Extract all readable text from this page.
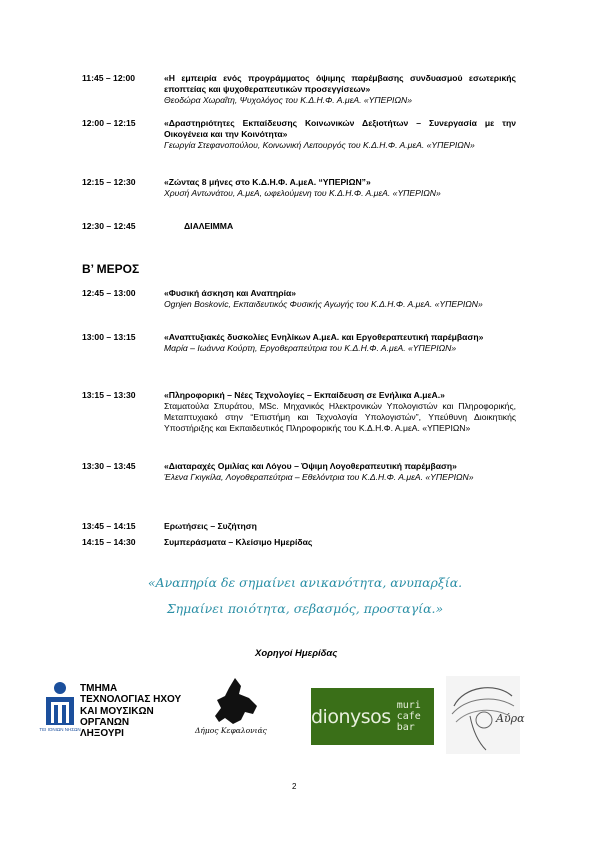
11:45 – 12:00	«Η εμπειρία ενός προγράμματος όψιμης παρέμβασης συνδυασμού εσωτερικής εποπτείας και ψυχοθεραπευτικών προσεγγίσεων»
Θεοδώρα Χωραΐτη, Ψυχολόγος του Κ.Δ.Η.Φ. Α.μεΑ. «ΥΠΕΡΙΩΝ»
12:00 – 12:15	«Δραστηριότητες Εκπαίδευσης Κοινωνικών Δεξιοτήτων – Συνεργασία με την Οικογένεια και την Κοινότητα»
Γεωργία Στεφανοπούλου, Κοινωνική Λειτουργός του Κ.Δ.Η.Φ. Α.μεΑ. «ΥΠΕΡΙΩΝ»
12:15 – 12:30	«Ζώντας 8 μήνες στο Κ.Δ.Η.Φ. Α.μεΑ. “ΥΠΕΡΙΩΝ”»
Χρυσή Αντωνάτου, Α.μεΑ, ωφελούμενη του Κ.Δ.Η.Φ. Α.μεΑ. «ΥΠΕΡΙΩΝ»
12:30 – 12:45	ΔΙΑΛΕΙΜΜΑ
Β’ ΜΕΡΟΣ
12:45 – 13:00	«Φυσική άσκηση και Αναπηρία»
Ognjen Boskovic, Εκπαιδευτικός Φυσικής Αγωγής του Κ.Δ.Η.Φ. Α.μεΑ. «ΥΠΕΡΙΩΝ»
13:00 – 13:15	«Αναπτυξιακές δυσκολίες Ενηλίκων Α.μεΑ. και Εργοθεραπευτική παρέμβαση»
Μαρία – Ιωάννα Κούρτη, Εργοθεραπεύτρια του Κ.Δ.Η.Φ. Α.μεΑ. «ΥΠΕΡΙΩΝ»
13:15 – 13:30	«Πληροφορική – Νέες Τεχνολογίες – Εκπαίδευση σε Ενήλικα Α.μεΑ.»
Σταματούλα Σπυράτου, MSc. Μηχανικός Ηλεκτρονικών Υπολογιστών και Πληροφορικής, Μεταπτυχιακό στην “Επιστήμη και Τεχνολογία Υπολογιστών”, Υπεύθυνη Διοικητικής Υποστήριξης και Εκπαιδευτικός Πληροφορικής του Κ.Δ.Η.Φ. Α.μεΑ. «ΥΠΕΡΙΩΝ»
13:30 – 13:45	«Διαταραχές Ομιλίας και Λόγου – Όψιμη Λογοθεραπευτική παρέμβαση»
Έλενα Γκιγκίλα, Λογοθεραπεύτρια – Εθελόντρια του Κ.Δ.Η.Φ. Α.μεΑ. «ΥΠΕΡΙΩΝ»
13:45 – 14:15	Ερωτήσεις – Συζήτηση
14:15 – 14:30	Συμπεράσματα – Κλείσιμο Ημερίδας
«Αναπηρία δε σημαίνει ανικανότητα, ανυπαρξία.
Σημαίνει ποιότητα, σεβασμός, προσταγία.»
Χορηγοί Ημερίδας
ΤΕΙ ΙΟΝΙΩΝ ΝΗΣΩΝ
ΤΜΗΜΑ
ΤΕΧΝΟΛΟΓΙΑΣ ΗΧΟΥ
ΚΑΙ ΜΟΥΣΙΚΩΝ
ΟΡΓΑΝΩΝ
ΛΗΞΟΥΡΙ	Δήμος Κεφαλονιάς
dionysos muri cafe bar
Αύρα
2
